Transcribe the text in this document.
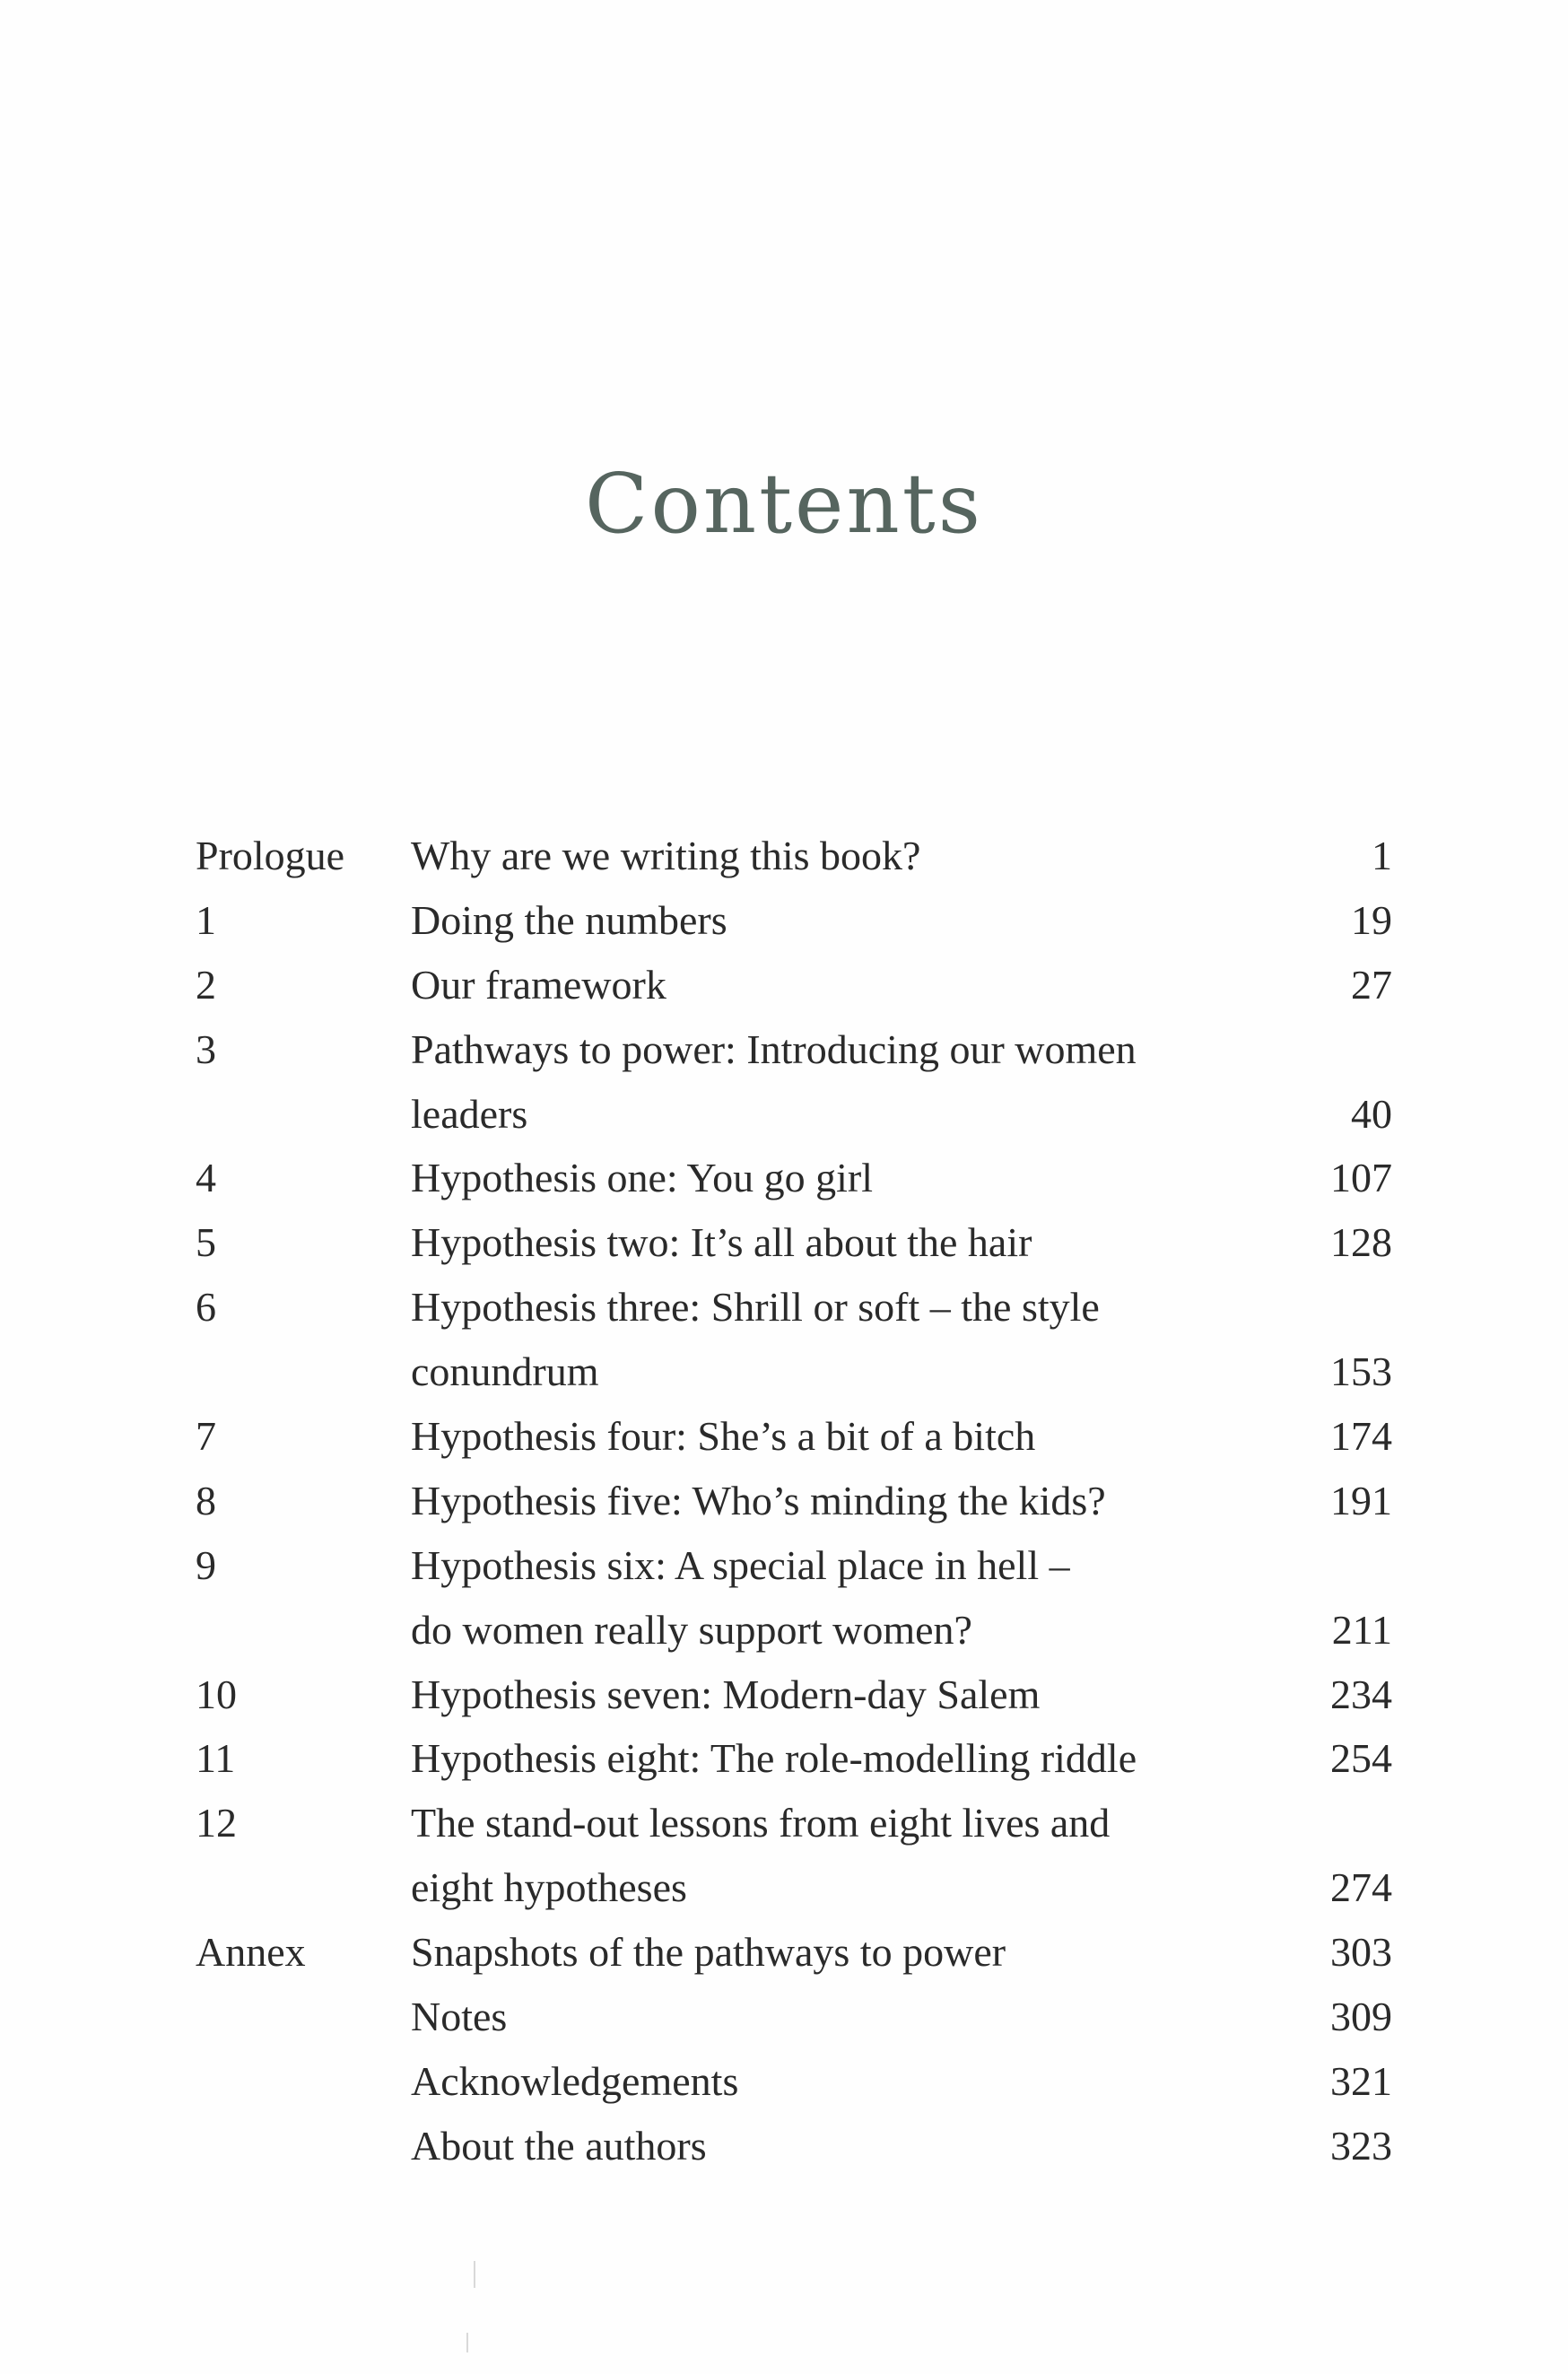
Contents
Prologue	Why are we writing this book?	1
1	Doing the numbers	19
2	Our framework	27
3	Pathways to power: Introducing our women
leaders	40
4	Hypothesis one: You go girl	107
5	Hypothesis two: It’s all about the hair	128
6	Hypothesis three: Shrill or soft – the style
conundrum	153
7	Hypothesis four: She’s a bit of a bitch	174
8	Hypothesis five: Who’s minding the kids?	191
9	Hypothesis six: A special place in hell –
do women really support women?	211
10	Hypothesis seven: Modern-day Salem	234
11	Hypothesis eight: The role-modelling riddle	254
12	The stand-out lessons from eight lives and
eight hypotheses	274
Annex	Snapshots of the pathways to power	303
Notes	309
Acknowledgements	321
About the authors	323
